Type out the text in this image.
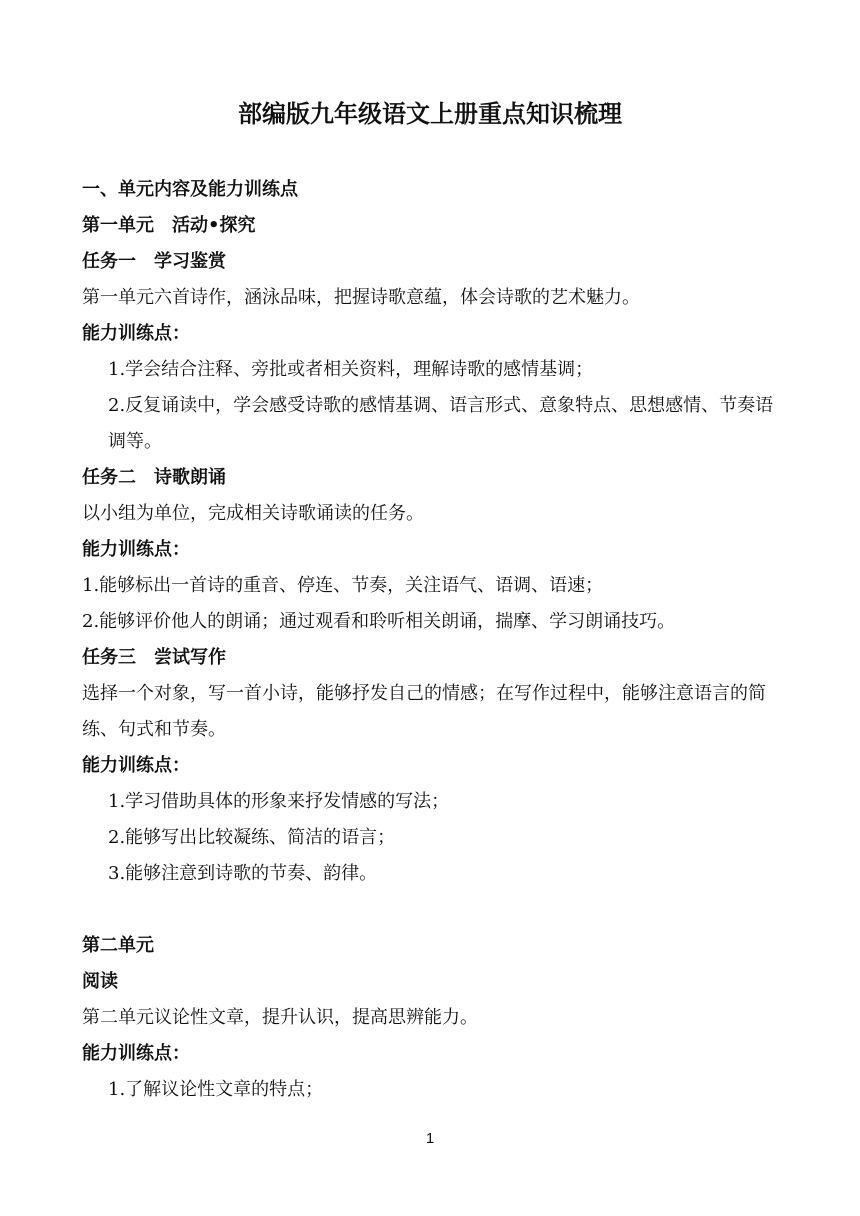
部编版九年级语文上册重点知识梳理

一、单元内容及能力训练点

第一单元　活动•探究

任务一　学习鉴赏

第一单元六首诗作，涵泳品味，把握诗歌意蕴，体会诗歌的艺术魅力。

能力训练点：

1.学会结合注释、旁批或者相关资料，理解诗歌的感情基调；

2.反复诵读中，学会感受诗歌的感情基调、语言形式、意象特点、思想感情、节奏语调等。

任务二　诗歌朗诵

以小组为单位，完成相关诗歌诵读的任务。

能力训练点：

1.能够标出一首诗的重音、停连、节奏，关注语气、语调、语速；

2.能够评价他人的朗诵；通过观看和聆听相关朗诵，揣摩、学习朗诵技巧。

任务三　尝试写作

选择一个对象，写一首小诗，能够抒发自己的情感；在写作过程中，能够注意语言的简练、句式和节奏。

能力训练点：

1.学习借助具体的形象来抒发情感的写法；

2.能够写出比较凝练、简洁的语言；

3.能够注意到诗歌的节奏、韵律。

第二单元

阅读

第二单元议论性文章，提升认识，提高思辨能力。

能力训练点：

1.了解议论性文章的特点；

1
